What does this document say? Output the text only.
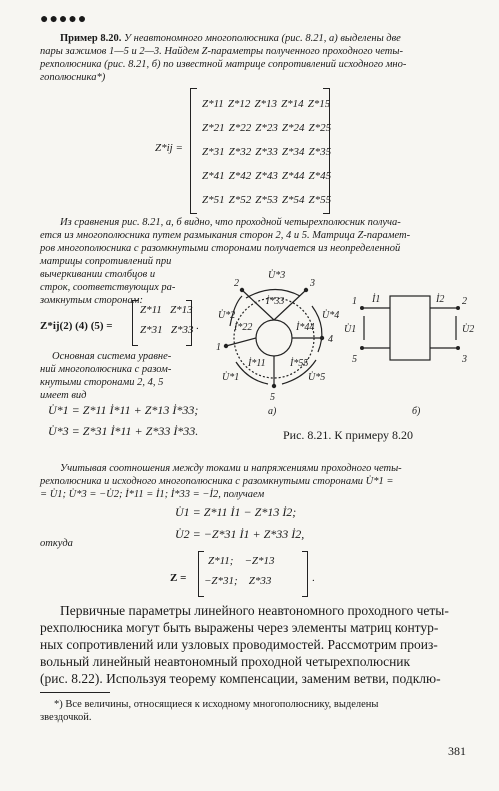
●●●●●
Пример 8.20. У неавтономного многополюсника (рис. 8.21, а) выделены две
пары зажимов 1—5 и 2—3. Найдем Z-параметры полученного проходного четы-
рехполюсника (рис. 8.21, б) по известной матрице сопротивлений исходного мно-
гополюсника*)
Z*ij =
Z*11 Z*12 Z*13 Z*14 Z*15
Z*21 Z*22 Z*23 Z*24 Z*25
Z*31 Z*32 Z*33 Z*34 Z*35
Z*41 Z*42 Z*43 Z*44 Z*45
Z*51 Z*52 Z*53 Z*54 Z*55
Из сравнения рис. 8.21, а, б видно, что проходной четырехполюсник получа-
ется из многополюсника путем размыкания сторон 2, 4 и 5. Матрица Z-парамет-
ров многополюсника с разомкнутыми сторонами получается из неопределенной
матрицы сопротивлений при
вычеркивании столбцов и
строк, соответствующих ра-
зомкнутым сторонам:
Z*ij(2) (4) (5) =
Z*11 Z*13
Z*31 Z*33 .
Основная система уравне-
ний многополюсника с разом-
кнутыми сторонами 2, 4, 5
имеет вид
U̇*1 = Z*11 İ*11 + Z*13 İ*33;
U̇*3 = Z*31 İ*11 + Z*33 İ*33.
2	3
4
1
5
U̇*3
U̇*2	U̇*4
U̇*1	U̇*5
İ*33
İ*22	İ*44
İ*11 İ*55
а)
1	2
5	3
İ1	İ2
U̇1	U̇2
б)
Рис. 8.21. К примеру 8.20
Учитывая соотношения между токами и напряжениями проходного четы-
рехполюсника и исходного многополюсника с разомкнутыми сторонами U̇*1 =
= U̇1; U̇*3 = −U̇2; İ*11 = İ1; İ*33 = −İ2, получаем
U̇1 = Z*11 İ1 − Z*13 İ2;
U̇2 = −Z*31 İ1 + Z*33 İ2,
откуда
Z =
Z*11; −Z*13
−Z*31; Z*33	.
Первичные параметры линейного неавтономного проходного четы-
рехполюсника могут быть выражены через элементы матриц контур-
ных сопротивлений или узловых проводимостей. Рассмотрим произ-
вольный линейный неавтономный проходной четырехполюсник
(рис. 8.22). Используя теорему компенсации, заменим ветви, подклю-
*) Все величины, относящиеся к исходному многополюснику, выделены
звездочкой.
381
